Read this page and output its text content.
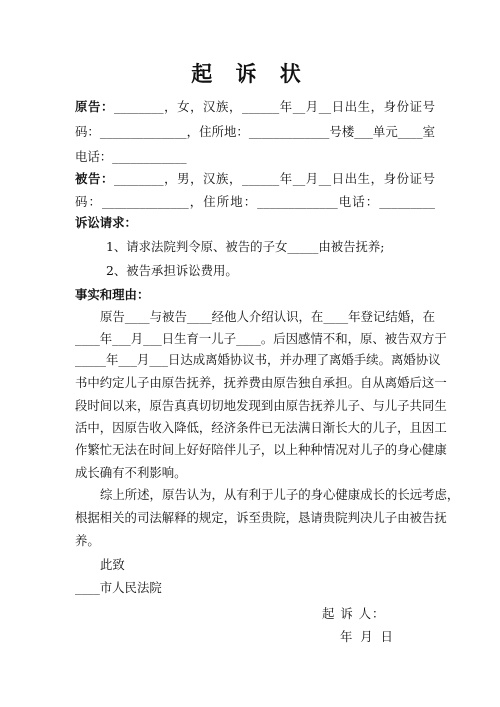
起 诉 状
原告：________，女，汉族，______年__月__日出生，身份证号
码：______________，住所地：_____________号楼___单元____室
电话：____________
被告：________，男，汉族，______年__月__日出生，身份证号
码：______________，住所地：_____________电话：_________
诉讼请求：
1、请求法院判令原、被告的子女_____由被告抚养;
2、被告承担诉讼费用。
事实和理由：
原告____与被告____经他人介绍认识，在____年登记结婚，在
____年___月___日生育一儿子____。后因感情不和，原、被告双方于
_____年___月___日达成离婚协议书，并办理了离婚手续。离婚协议
书中约定儿子由原告抚养，抚养费由原告独自承担。自从离婚后这一
段时间以来，原告真真切切地发现到由原告抚养儿子、与儿子共同生
活中，因原告收入降低，经济条件已无法满日渐长大的儿子，且因工
作繁忙无法在时间上好好陪伴儿子，以上种种情况对儿子的身心健康
成长确有不利影响。
综上所述，原告认为，从有利于儿子的身心健康成长的长远考虑，
根据相关的司法解释的规定，诉至贵院，恳请贵院判决儿子由被告抚
养。
此致
____市人民法院
起 诉 人：
年  月  日
